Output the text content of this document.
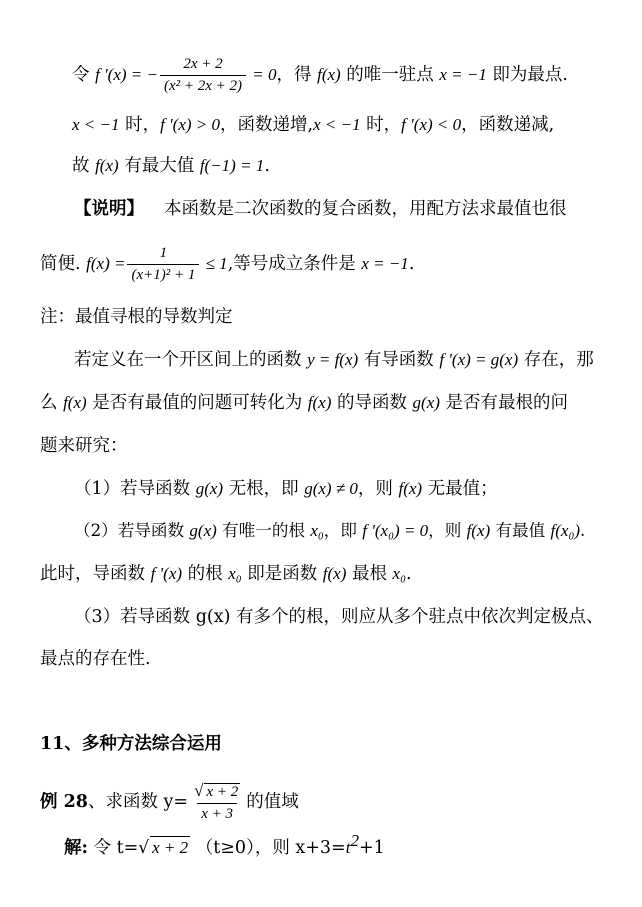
令 f '(x) = − $\frac{2x + 2}{\text{(x² + 2x + 2)}} = 0$，得 f(x) 的唯一驻点 x = −1 即为最点.
x < −1 时，f '(x) > 0，函数递增,x < −1 时，f '(x) < 0，函数递减,
故 f(x) 有最大值 f(−1) = 1.
【说明】 本函数是二次函数的复合函数，用配方法求最值也很
简便. $f(x) = \frac{1}{\text{(x+1)² + 1}} \le 1$,等号成立条件是 x = −1.
注：最值寻根的导数判定
若定义在一个开区间上的函数 y = f(x) 有导函数 f '(x) = g(x) 存在，那
么 f(x) 是否有最值的问题可转化为 f(x) 的导函数 g(x) 是否有最根的问
题来研究：
（1）若导函数 g(x) 无根，即 g(x) ≠ 0，则 f(x) 无最值；
（2）若导函数 g(x) 有唯一的根 x₀，即 f '(x₀) = 0，则 f(x) 有最值 f(x₀).
此时，导函数 f '(x) 的根 x₀ 即是函数 f(x) 最根 x₀.
（3）若导函数 g(x) 有多个的根，则应从多个驻点中依次判定极点、
最点的存在性.
11、多种方法综合运用
例 28、求函数 $y= \frac{√ x + 2}{x + 3}$ 的值域
解: 令 t=√ x + 2 （t≥0），则 $x+3=t^2+1$
